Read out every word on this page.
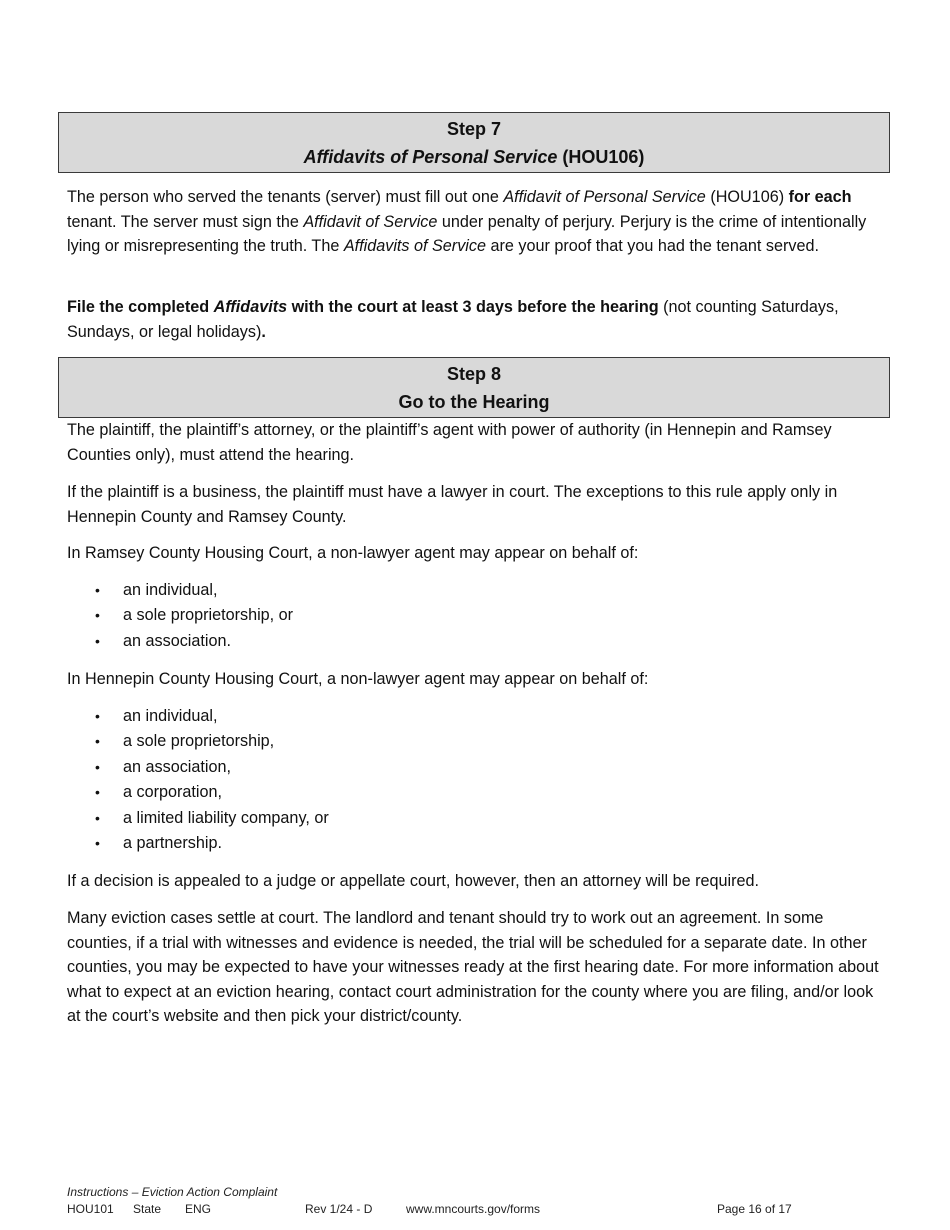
Step 7
Affidavits of Personal Service (HOU106)

The person who served the tenants (server) must fill out one Affidavit of Personal Service (HOU106) for each tenant. The server must sign the Affidavit of Service under penalty of perjury. Perjury is the crime of intentionally lying or misrepresenting the truth. The Affidavits of Service are your proof that you had the tenant served.

File the completed Affidavits with the court at least 3 days before the hearing (not counting Saturdays, Sundays, or legal holidays).

Step 8
Go to the Hearing

The plaintiff, the plaintiff’s attorney, or the plaintiff’s agent with power of authority (in Hennepin and Ramsey Counties only), must attend the hearing.

If the plaintiff is a business, the plaintiff must have a lawyer in court. The exceptions to this rule apply only in Hennepin County and Ramsey County.

In Ramsey County Housing Court, a non-lawyer agent may appear on behalf of:

• an individual,
• a sole proprietorship, or
• an association.

In Hennepin County Housing Court, a non-lawyer agent may appear on behalf of:

• an individual,
• a sole proprietorship,
• an association,
• a corporation,
• a limited liability company, or
• a partnership.

If a decision is appealed to a judge or appellate court, however, then an attorney will be required.

Many eviction cases settle at court. The landlord and tenant should try to work out an agreement. In some counties, if a trial with witnesses and evidence is needed, the trial will be scheduled for a separate date. In other counties, you may be expected to have your witnesses ready at the first hearing date. For more information about what to expect at an eviction hearing, contact court administration for the county where you are filing, and/or look at the court’s website and then pick your district/county.

Instructions – Eviction Action Complaint
HOU101 State ENG	Rev 1/24 - D	www.mncourts.gov/forms	Page 16 of 17
